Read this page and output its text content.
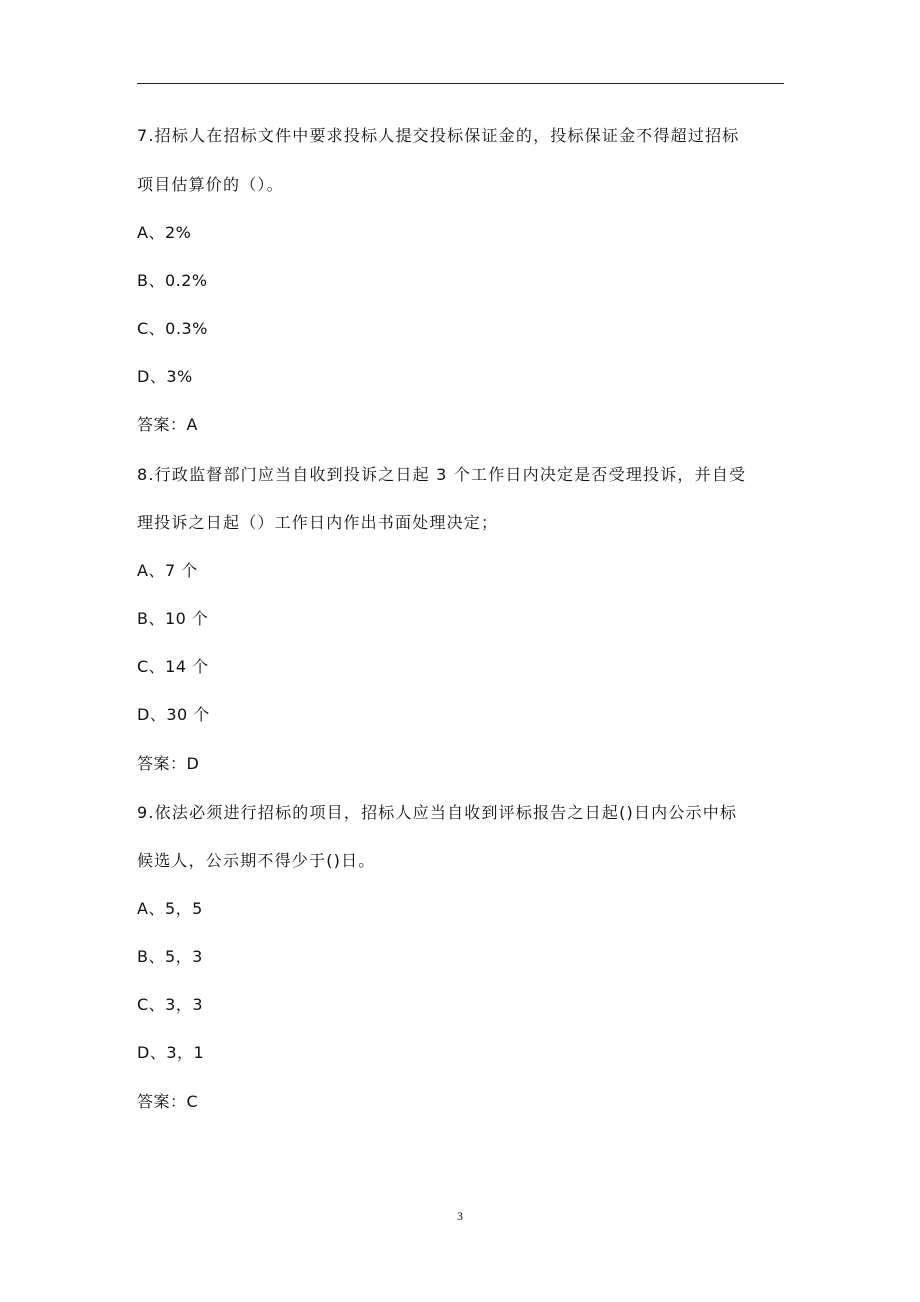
7.招标人在招标文件中要求投标人提交投标保证金的，投标保证金不得超过招标
项目估算价的（）。
A、2%
B、0.2%
C、0.3%
D、3%
答案：A
8.行政监督部门应当自收到投诉之日起 3 个工作日内决定是否受理投诉，并自受
理投诉之日起（）工作日内作出书面处理决定；
A、7 个
B、10 个
C、14 个
D、30 个
答案：D
9.依法必须进行招标的项目，招标人应当自收到评标报告之日起()日内公示中标
候选人，公示期不得少于()日。
A、5，5
B、5，3
C、3，3
D、3，1
答案：C
3
